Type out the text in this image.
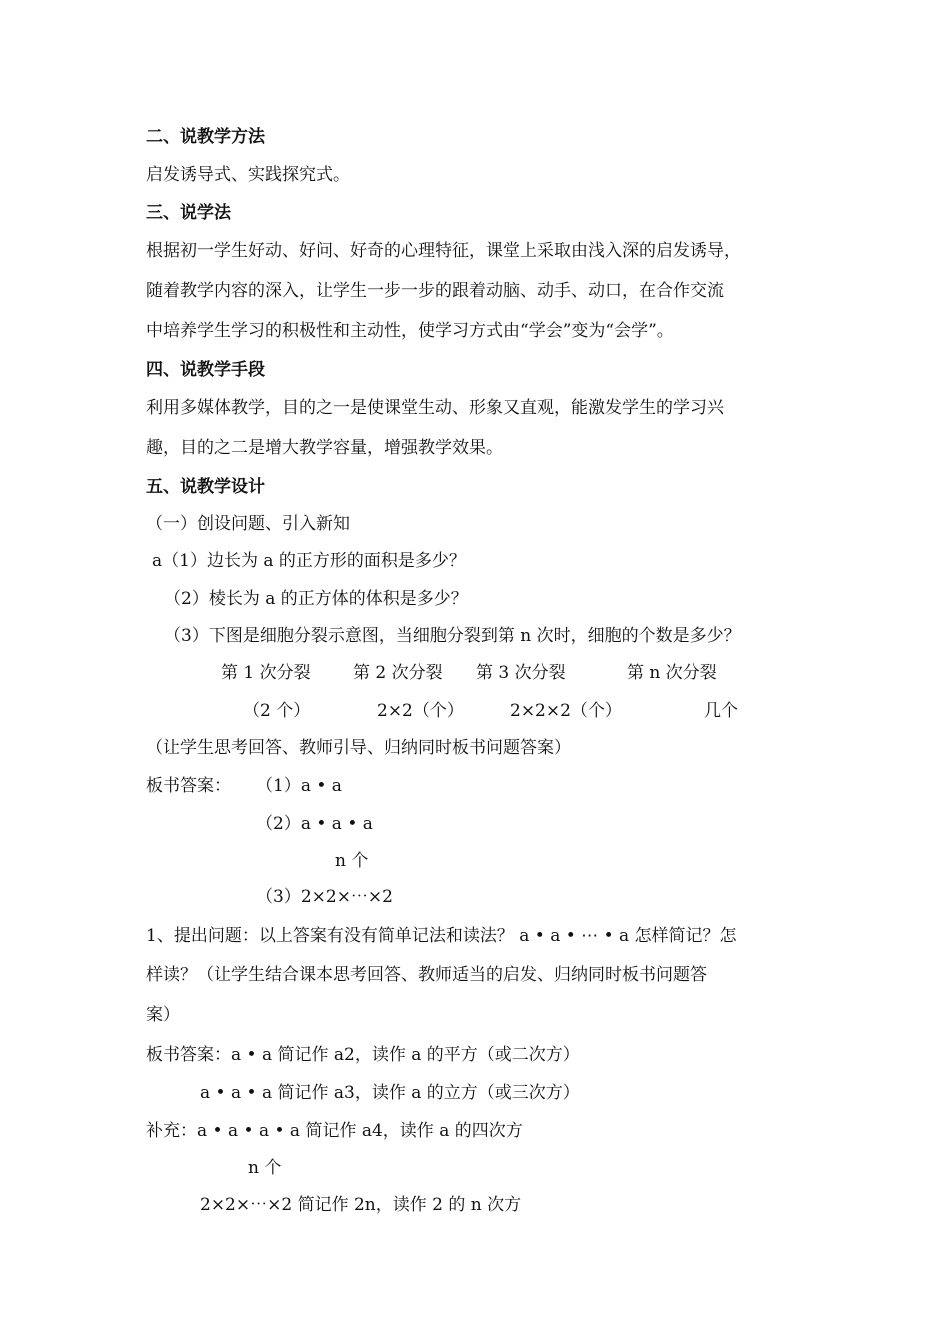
二、说教学方法
启发诱导式、实践探究式。
三、说学法
根据初一学生好动、好问、好奇的心理特征，课堂上采取由浅入深的启发诱导，
随着教学内容的深入，让学生一步一步的跟着动脑、动手、动口，在合作交流
中培养学生学习的积极性和主动性，使学习方式由“学会”变为“会学”。
四、说教学手段
利用多媒体教学，目的之一是使课堂生动、形象又直观，能激发学生的学习兴
趣，目的之二是增大教学容量，增强教学效果。
五、说教学设计
（一）创设问题、引入新知
a（1）边长为 a 的正方形的面积是多少？
（2）棱长为 a 的正方体的体积是多少？
（3）下图是细胞分裂示意图，当细胞分裂到第 n 次时，细胞的个数是多少？
第 1 次分裂 第 2 次分裂 第 3 次分裂	第 n 次分裂
（2 个）	2×2（个）	2×2×2（个）	几个
（让学生思考回答、教师引导、归纳同时板书问题答案）
板书答案： （1）a • a
（2）a • a • a
n 个
（3）2×2×⋯×2
1、提出问题：以上答案有没有简单记法和读法？ a • a • ⋯ • a 怎样简记？怎
样读？（让学生结合课本思考回答、教师适当的启发、归纳同时板书问题答
案）
板书答案：a • a 简记作 a2，读作 a 的平方（或二次方）
a • a • a 简记作 a3，读作 a 的立方（或三次方）
补充：a • a • a • a 简记作 a4，读作 a 的四次方
n 个
2×2×⋯×2 简记作 2n，读作 2 的 n 次方
